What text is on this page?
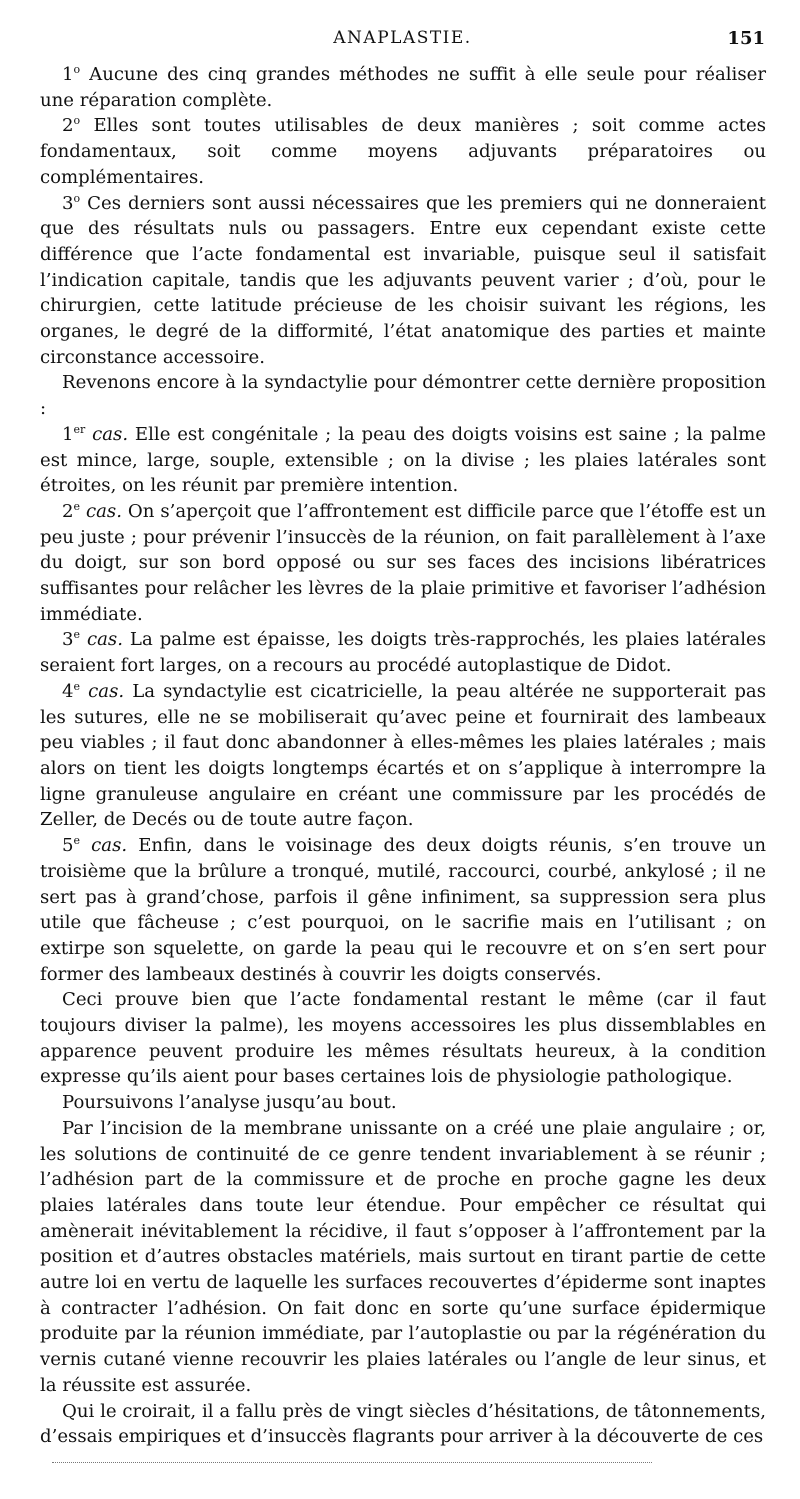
ANAPLASTIE.	151

1$^o$ Aucune des cinq grandes méthodes ne suffit à elle seule pour réaliser une réparation complète.

2$^o$ Elles sont toutes utilisables de deux manières ; soit comme actes fondamentaux, soit comme moyens adjuvants préparatoires ou complémentaires.

3$^o$ Ces derniers sont aussi nécessaires que les premiers qui ne donneraient que des résultats nuls ou passagers. Entre eux cependant existe cette différence que l’acte fondamental est invariable, puisque seul il satisfait l’indication capitale, tandis que les adjuvants peuvent varier ; d’où, pour le chirurgien, cette latitude précieuse de les choisir suivant les régions, les organes, le degré de la difformité, l’état anatomique des parties et mainte circonstance accessoire.

Revenons encore à la syndactylie pour démontrer cette dernière proposition :

1er cas. Elle est congénitale ; la peau des doigts voisins est saine ; la palme est mince, large, souple, extensible ; on la divise ; les plaies latérales sont étroites, on les réunit par première intention.

2e cas. On s’aperçoit que l’affrontement est difficile parce que l’étoffe est un peu juste ; pour prévenir l’insuccès de la réunion, on fait parallèlement à l’axe du doigt, sur son bord opposé ou sur ses faces des incisions libératrices suffisantes pour relâcher les lèvres de la plaie primitive et favoriser l’adhésion immédiate.

3e cas. La palme est épaisse, les doigts très-rapprochés, les plaies latérales seraient fort larges, on a recours au procédé autoplastique de Didot.

4e cas. La syndactylie est cicatricielle, la peau altérée ne supporterait pas les sutures, elle ne se mobiliserait qu’avec peine et fournirait des lambeaux peu viables ; il faut donc abandonner à elles-mêmes les plaies latérales ; mais alors on tient les doigts longtemps écartés et on s’applique à interrompre la ligne granuleuse angulaire en créant une commissure par les procédés de Zeller, de Decés ou de toute autre façon.

5e cas. Enfin, dans le voisinage des deux doigts réunis, s’en trouve un troisième que la brûlure a tronqué, mutilé, raccourci, courbé, ankylosé ; il ne sert pas à grand’chose, parfois il gêne infiniment, sa suppression sera plus utile que fâcheuse ; c’est pourquoi, on le sacrifie mais en l’utilisant ; on extirpe son squelette, on garde la peau qui le recouvre et on s’en sert pour former des lambeaux destinés à couvrir les doigts conservés.

Ceci prouve bien que l’acte fondamental restant le même (car il faut toujours diviser la palme), les moyens accessoires les plus dissemblables en apparence peuvent produire les mêmes résultats heureux, à la condition expresse qu’ils aient pour bases certaines lois de physiologie pathologique.

Poursuivons l’analyse jusqu’au bout.

Par l’incision de la membrane unissante on a créé une plaie angulaire ; or, les solutions de continuité de ce genre tendent invariablement à se réunir ; l’adhésion part de la commissure et de proche en proche gagne les deux plaies latérales dans toute leur étendue. Pour empêcher ce résultat qui amènerait inévitablement la récidive, il faut s’opposer à l’affrontement par la position et d’autres obstacles matériels, mais surtout en tirant partie de cette autre loi en vertu de laquelle les surfaces recouvertes d’épiderme sont inaptes à contracter l’adhésion. On fait donc en sorte qu’une surface épidermique produite par la réunion immédiate, par l’autoplastie ou par la régénération du vernis cutané vienne recouvrir les plaies latérales ou l’angle de leur sinus, et la réussite est assurée.

Qui le croirait, il a fallu près de vingt siècles d’hésitations, de tâtonnements, d’essais empiriques et d’insuccès flagrants pour arriver à la découverte de ces
